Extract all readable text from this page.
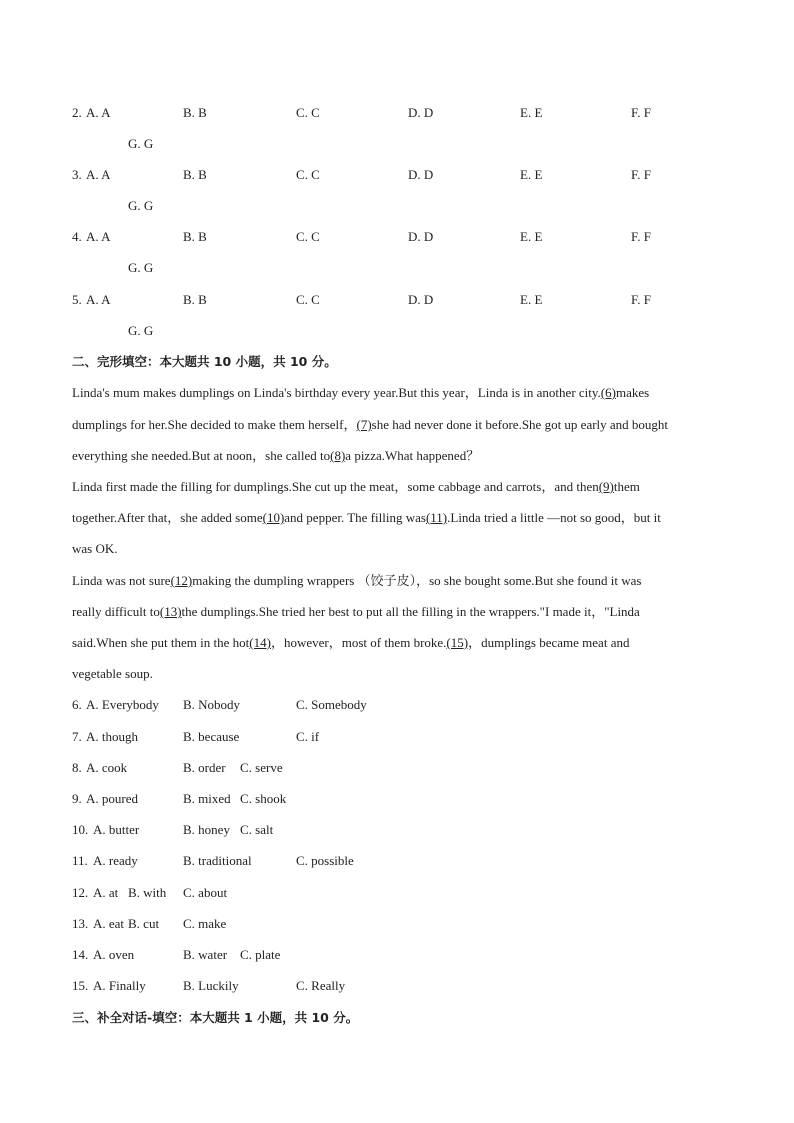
2. A. A	B. B	C. C	D. D	E. E	F. F
G. G
3. A. A	B. B	C. C	D. D	E. E	F. F
G. G
4. A. A	B. B	C. C	D. D	E. E	F. F
G. G
5. A. A	B. B	C. C	D. D	E. E	F. F
G. G
二、完形填空：本大题共 10 小题，共 10 分。
Linda's mum makes dumplings on Linda's birthday every year.But this year，Linda is in another city.(6)makes
dumplings for her.She decided to make them herself，(7)she had never done it before.She got up early and bought
everything she needed.But at noon，she called to(8)a pizza.What happened？
Linda first made the filling for dumplings.She cut up the meat，some cabbage and carrots，and then(9)them
together.After that，she added some(10)and pepper. The filling was(11).Linda tried a little —not so good，but it
was OK.
Linda was not sure(12)making the dumpling wrappers （饺子皮），so she bought some.But she found it was
really difficult to(13)the dumplings.She tried her best to put all the filling in the wrappers."I made it，"Linda
said.When she put them in the hot(14)，however，most of them broke.(15)，dumplings became meat and
vegetable soup.
6. A. Everybody B. Nobody	C. Somebody
7. A. though	B. because	C. if
8. A. cook	B. order C. serve
9. A. poured	B. mixed C. shook
10. A. butter	B. honey C. salt
11. A. ready	B. traditional	C. possible
12. A. at B. with C. about
13. A. eat B. cut C. make
14. A. oven	B. water C. plate
15. A. Finally	B. Luckily	C. Really
三、补全对话-填空：本大题共 1 小题，共 10 分。
